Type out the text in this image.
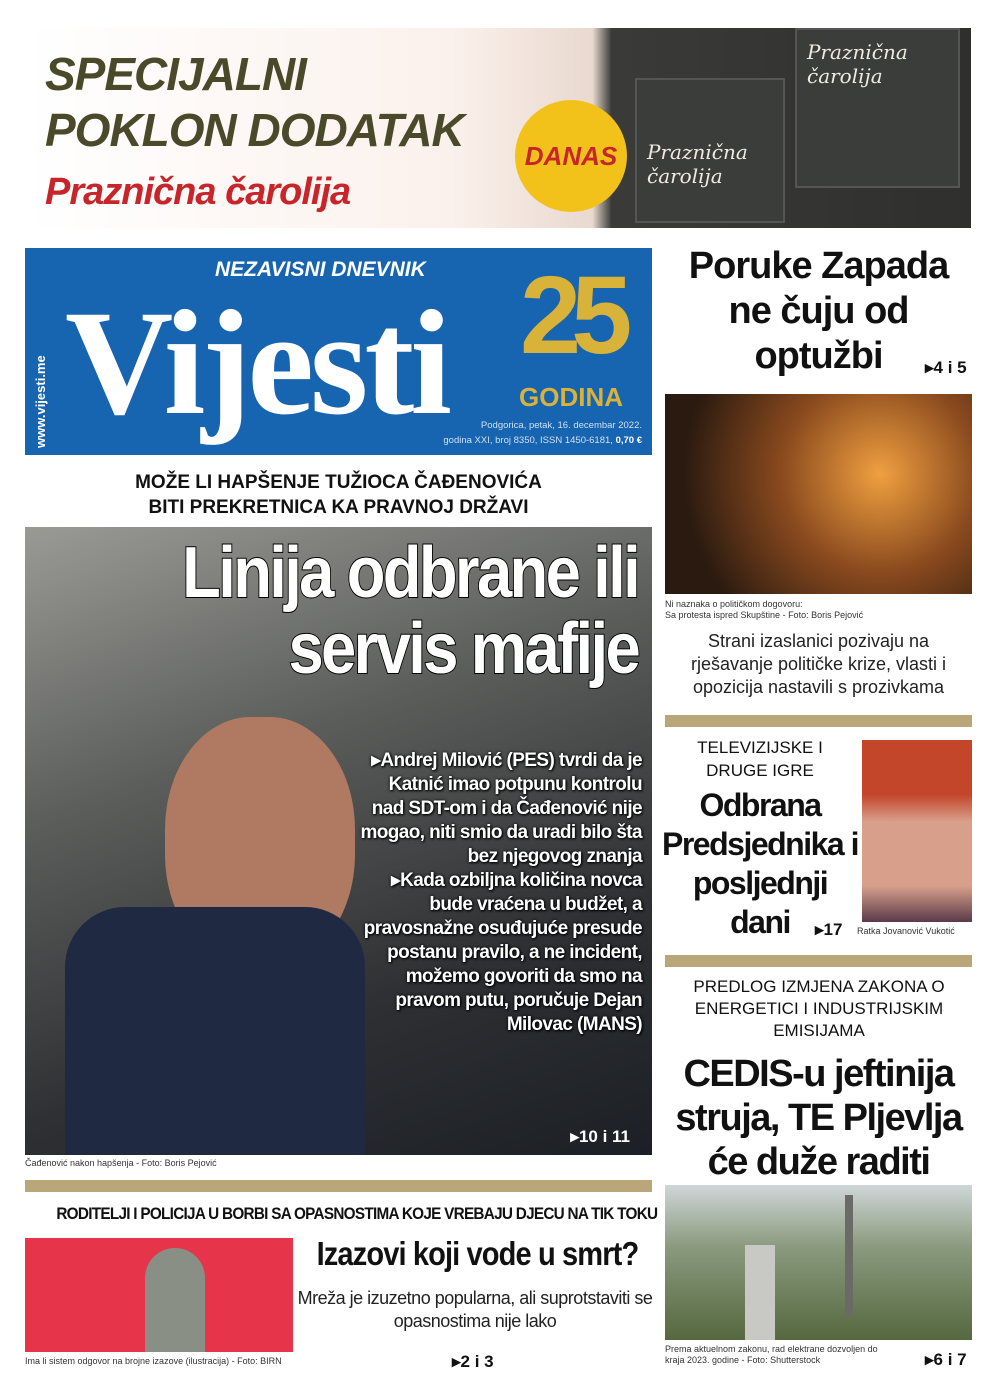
SPECIJALNI
POKLON DODATAK
Praznična čarolija
DANAS	Praznična čarolija
Praznična čarolija
www.vijesti.me
NEZAVISNI DNEVNIK
Vijesti 25
GODINA
Podgorica, petak, 16. decembar 2022.
godina XXI, broj 8350, ISSN 1450-6181, 0,70 €
MOŽE LI HAPŠENJE TUŽIOCA ČAĐENOVIĆA
BITI PREKRETNICA KA PRAVNOJ DRŽAVI
Linija odbrane ili
servis mafije
▸Andrej Milović (PES) tvrdi da je Katnić imao potpunu kontrolu nad SDT-om i da Čađenović nije mogao, niti smio da uradi bilo šta bez njegovog znanja
▸Kada ozbiljna količina novca bude vraćena u budžet, a pravosnažne osuđujuće presude postanu pravilo, a ne incident, možemo govoriti da smo na pravom putu, poručuje Dejan Milovac (MANS)
▸10 i 11
Čađenović nakon hapšenja - Foto: Boris Pejović
RODITELJI I POLICIJA U BORBI SA OPASNOSTIMA KOJE VREBAJU DJECU NA TIK TOKU
Ima li sistem odgovor na brojne izazove (ilustracija) - Foto: BIRN
Izazovi koji vode u smrt?
Mreža je izuzetno popularna, ali suprotstaviti se opasnostima nije lako
▸2 i 3
Poruke Zapada ne čuju od optužbi	▸4 i 5
Ni naznaka o političkom dogovoru:
Sa protesta ispred Skupštine - Foto: Boris Pejović
Strani izaslanici pozivaju na rješavanje političke krize, vlasti i opozicija nastavili s prozivkama
TELEVIZIJSKE I DRUGE IGRE
Odbrana Predsjednika i posljednji dani	▸17 Ratka Jovanović Vukotić
PREDLOG IZMJENA ZAKONA O ENERGETICI I INDUSTRIJSKIM EMISIJAMA
CEDIS-u jeftinija struja, TE Pljevlja će duže raditi
Prema aktuelnom zakonu, rad elektrane dozvoljen do kraja 2023. godine - Foto: Shutterstock	▸6 i 7
